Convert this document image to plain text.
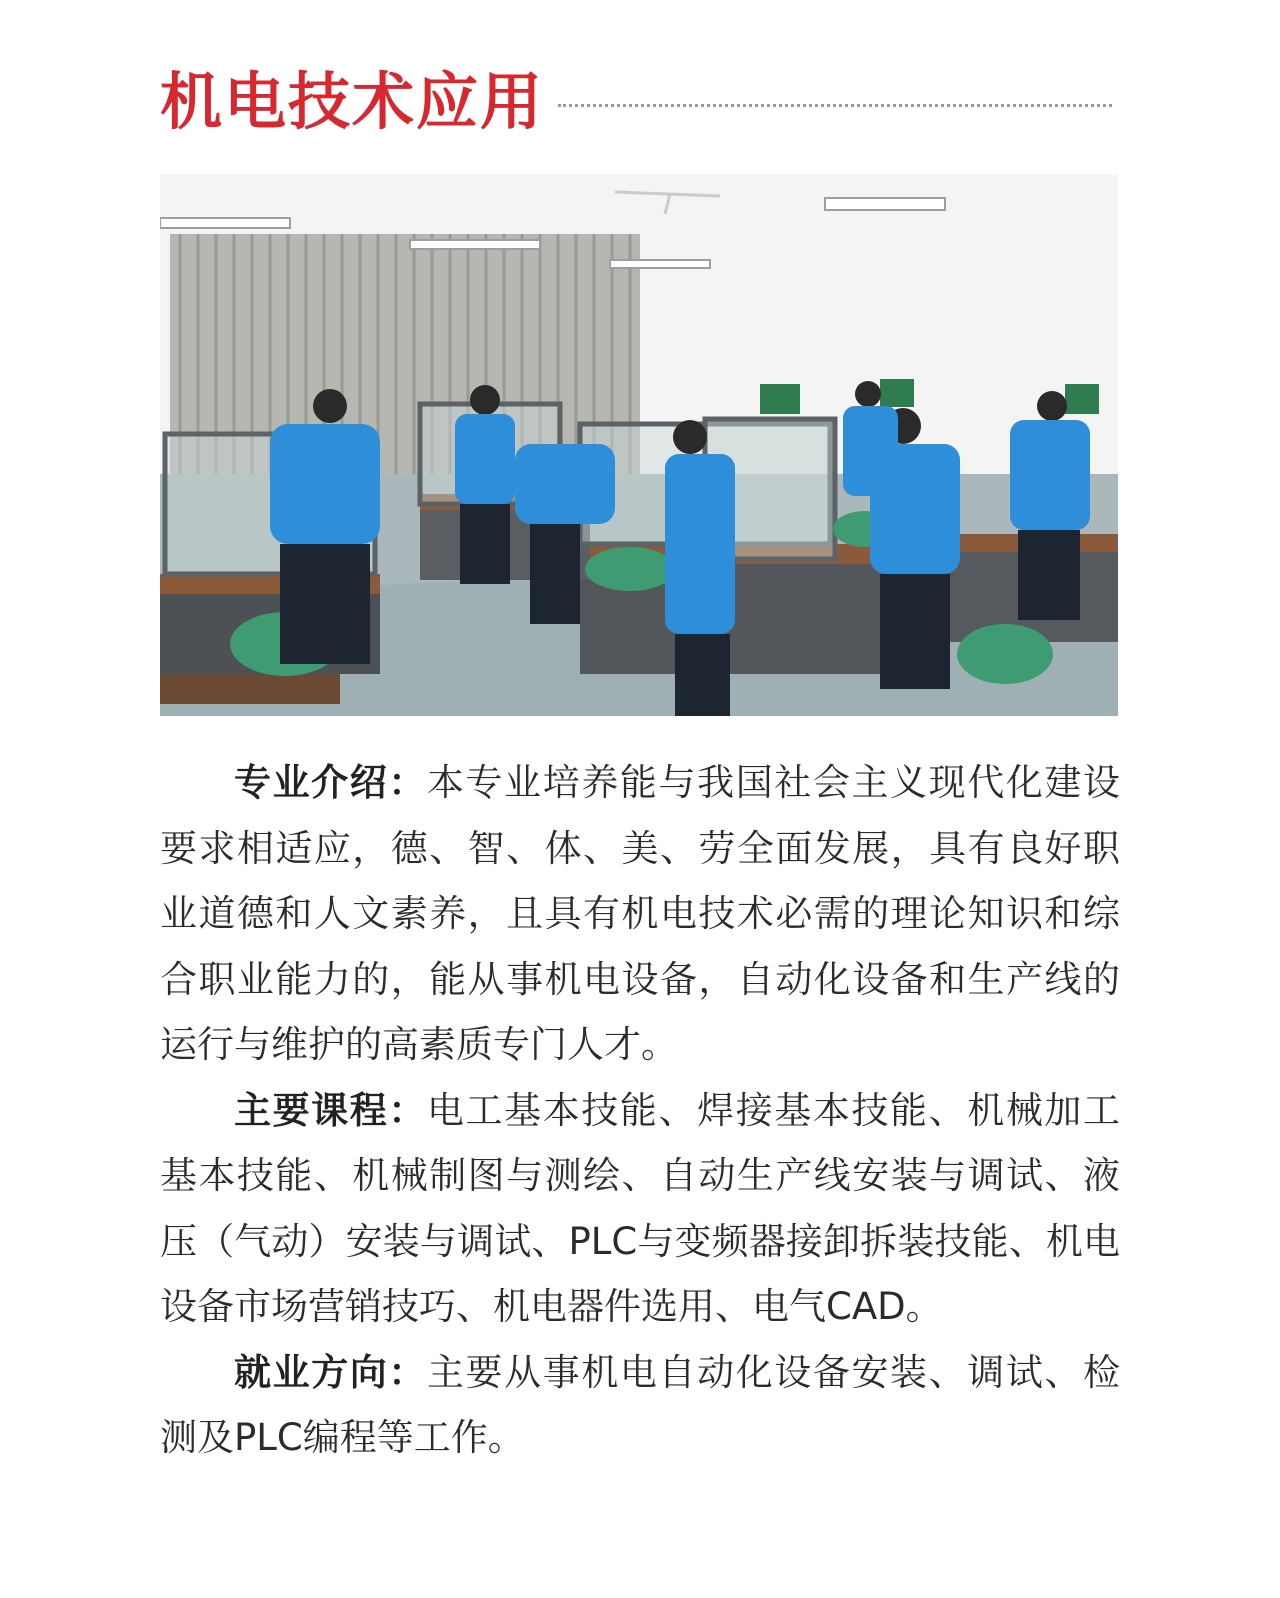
机电技术应用

专业介绍：本专业培养能与我国社会主义现代化建设要求相适应，德、智、体、美、劳全面发展，具有良好职业道德和人文素养，且具有机电技术必需的理论知识和综合职业能力的，能从事机电设备，自动化设备和生产线的运行与维护的高素质专门人才。

主要课程：电工基本技能、焊接基本技能、机械加工基本技能、机械制图与测绘、自动生产线安装与调试、液压（气动）安装与调试、PLC与变频器接卸拆装技能、机电设备市场营销技巧、机电器件选用、电气CAD。

就业方向：主要从事机电自动化设备安装、调试、检测及PLC编程等工作。
